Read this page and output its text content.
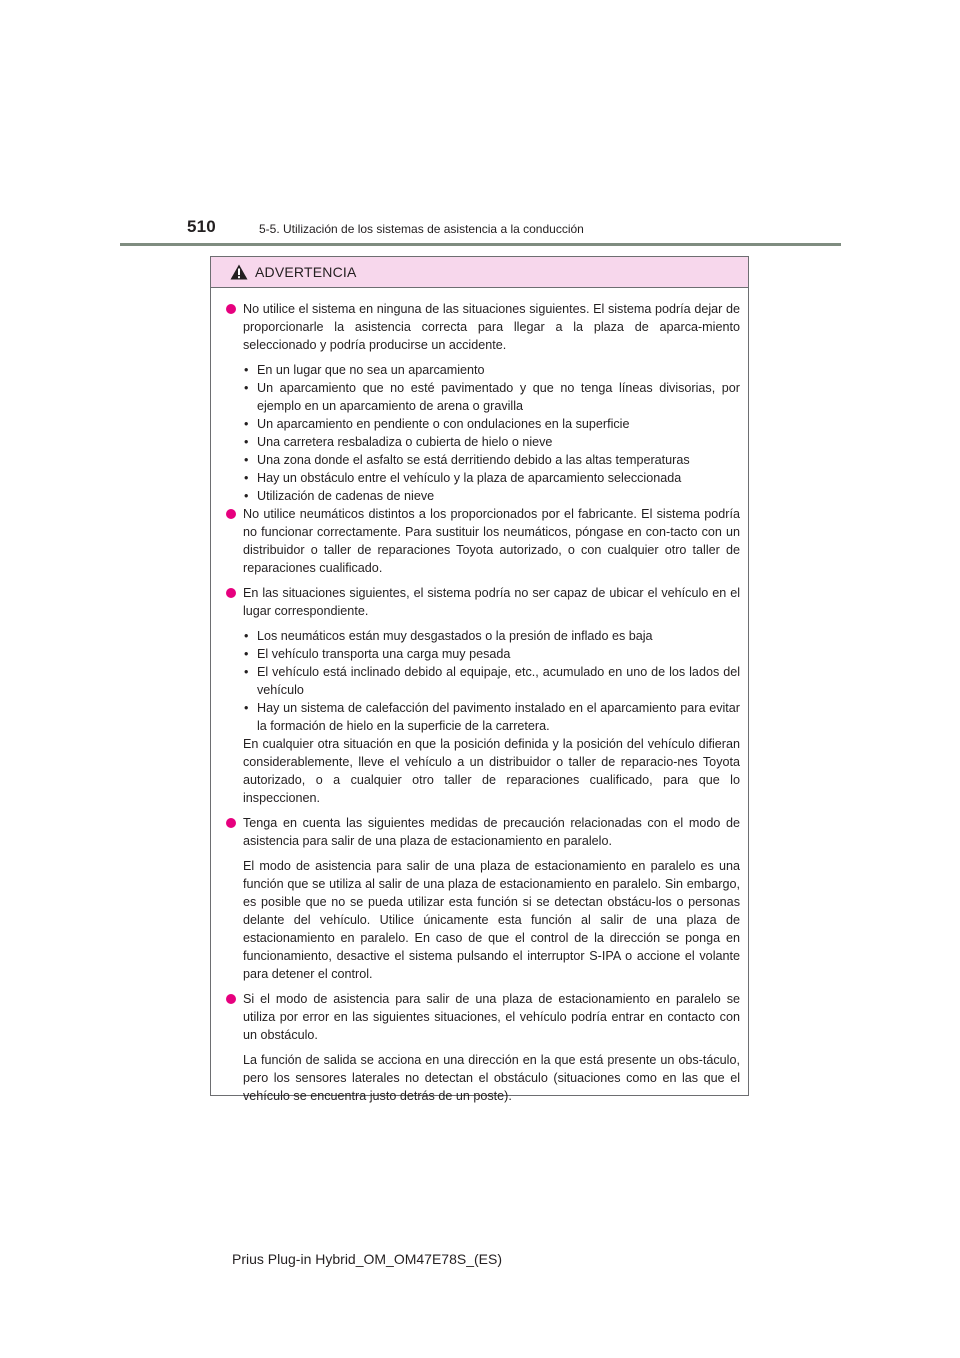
510	5-5. Utilización de los sistemas de asistencia a la conducción
ADVERTENCIA
No utilice el sistema en ninguna de las situaciones siguientes. El sistema podría dejar de proporcionarle la asistencia correcta para llegar a la plaza de aparca-miento seleccionado y podría producirse un accidente.
• En un lugar que no sea un aparcamiento
• Un aparcamiento que no esté pavimentado y que no tenga líneas divisorias, por ejemplo en un aparcamiento de arena o gravilla
• Un aparcamiento en pendiente o con ondulaciones en la superficie
• Una carretera resbaladiza o cubierta de hielo o nieve
• Una zona donde el asfalto se está derritiendo debido a las altas temperaturas
• Hay un obstáculo entre el vehículo y la plaza de aparcamiento seleccionada
• Utilización de cadenas de nieve
No utilice neumáticos distintos a los proporcionados por el fabricante. El sistema podría no funcionar correctamente. Para sustituir los neumáticos, póngase en con-tacto con un distribuidor o taller de reparaciones Toyota autorizado, o con cualquier otro taller de reparaciones cualificado.
En las situaciones siguientes, el sistema podría no ser capaz de ubicar el vehículo en el lugar correspondiente.
• Los neumáticos están muy desgastados o la presión de inflado es baja
• El vehículo transporta una carga muy pesada
• El vehículo está inclinado debido al equipaje, etc., acumulado en uno de los lados del vehículo
• Hay un sistema de calefacción del pavimento instalado en el aparcamiento para evitar la formación de hielo en la superficie de la carretera.
En cualquier otra situación en que la posición definida y la posición del vehículo difieran considerablemente, lleve el vehículo a un distribuidor o taller de reparacio-nes Toyota autorizado, o a cualquier otro taller de reparaciones cualificado, para que lo inspeccionen.
Tenga en cuenta las siguientes medidas de precaución relacionadas con el modo de asistencia para salir de una plaza de estacionamiento en paralelo.
El modo de asistencia para salir de una plaza de estacionamiento en paralelo es una función que se utiliza al salir de una plaza de estacionamiento en paralelo. Sin embargo, es posible que no se pueda utilizar esta función si se detectan obstácu-los o personas delante del vehículo. Utilice únicamente esta función al salir de una plaza de estacionamiento en paralelo. En caso de que el control de la dirección se ponga en funcionamiento, desactive el sistema pulsando el interruptor S-IPA o accione el volante para detener el control.
Si el modo de asistencia para salir de una plaza de estacionamiento en paralelo se utiliza por error en las siguientes situaciones, el vehículo podría entrar en contacto con un obstáculo.
La función de salida se acciona en una dirección en la que está presente un obs-táculo, pero los sensores laterales no detectan el obstáculo (situaciones como en las que el vehículo se encuentra justo detrás de un poste).
Prius Plug-in Hybrid_OM_OM47E78S_(ES)
